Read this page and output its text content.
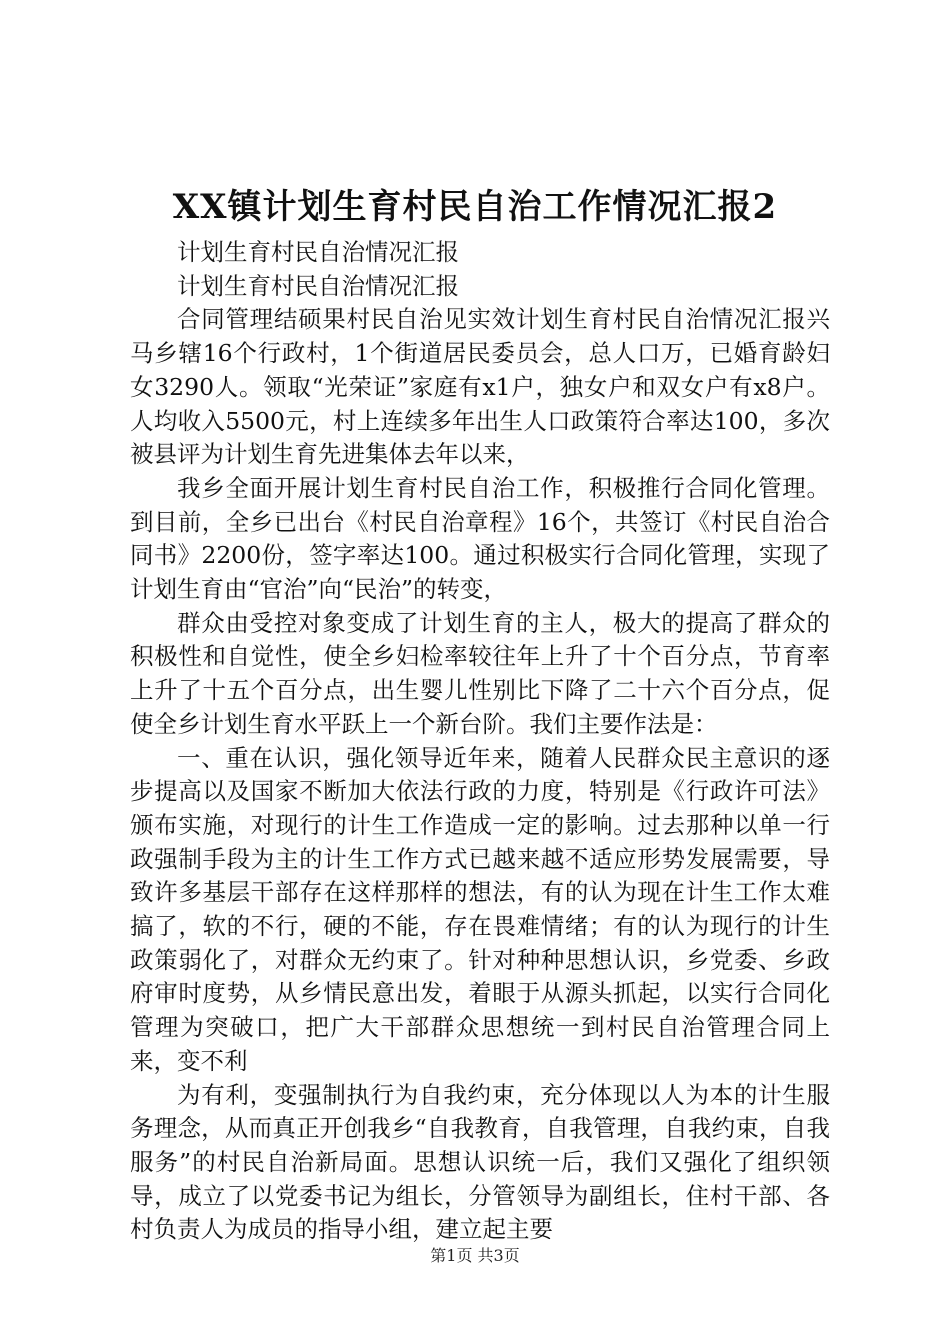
XX镇计划生育村民自治工作情况汇报2

计划生育村民自治情况汇报

计划生育村民自治情况汇报

合同管理结硕果村民自治见实效计划生育村民自治情况汇报兴马乡辖16个行政村，1个街道居民委员会，总人口万，已婚育龄妇女3290人。领取“光荣证”家庭有x1户，独女户和双女户有x8户。人均收入5500元，村上连续多年出生人口政策符合率达100，多次被县评为计划生育先进集体去年以来，

我乡全面开展计划生育村民自治工作，积极推行合同化管理。到目前，全乡已出台《村民自治章程》16个，共签订《村民自治合同书》2200份，签字率达100。通过积极实行合同化管理，实现了计划生育由“官治”向“民治”的转变，

群众由受控对象变成了计划生育的主人，极大的提高了群众的积极性和自觉性，使全乡妇检率较往年上升了十个百分点，节育率上升了十五个百分点，出生婴儿性别比下降了二十六个百分点，促使全乡计划生育水平跃上一个新台阶。我们主要作法是：

一、重在认识，强化领导近年来，随着人民群众民主意识的逐步提高以及国家不断加大依法行政的力度，特别是《行政许可法》颁布实施，对现行的计生工作造成一定的影响。过去那种以单一行政强制手段为主的计生工作方式已越来越不适应形势发展需要，导致许多基层干部存在这样那样的想法，有的认为现在计生工作太难搞了，软的不行，硬的不能，存在畏难情绪；有的认为现行的计生政策弱化了，对群众无约束了。针对种种思想认识，乡党委、乡政府审时度势，从乡情民意出发，着眼于从源头抓起，以实行合同化管理为突破口，把广大干部群众思想统一到村民自治管理合同上来，变不利

为有利，变强制执行为自我约束，充分体现以人为本的计生服务理念，从而真正开创我乡“自我教育，自我管理，自我约束，自我服务”的村民自治新局面。思想认识统一后，我们又强化了组织领导，成立了以党委书记为组长，分管领导为副组长，住村干部、各村负责人为成员的指导小组，建立起主要

第1页 共3页
